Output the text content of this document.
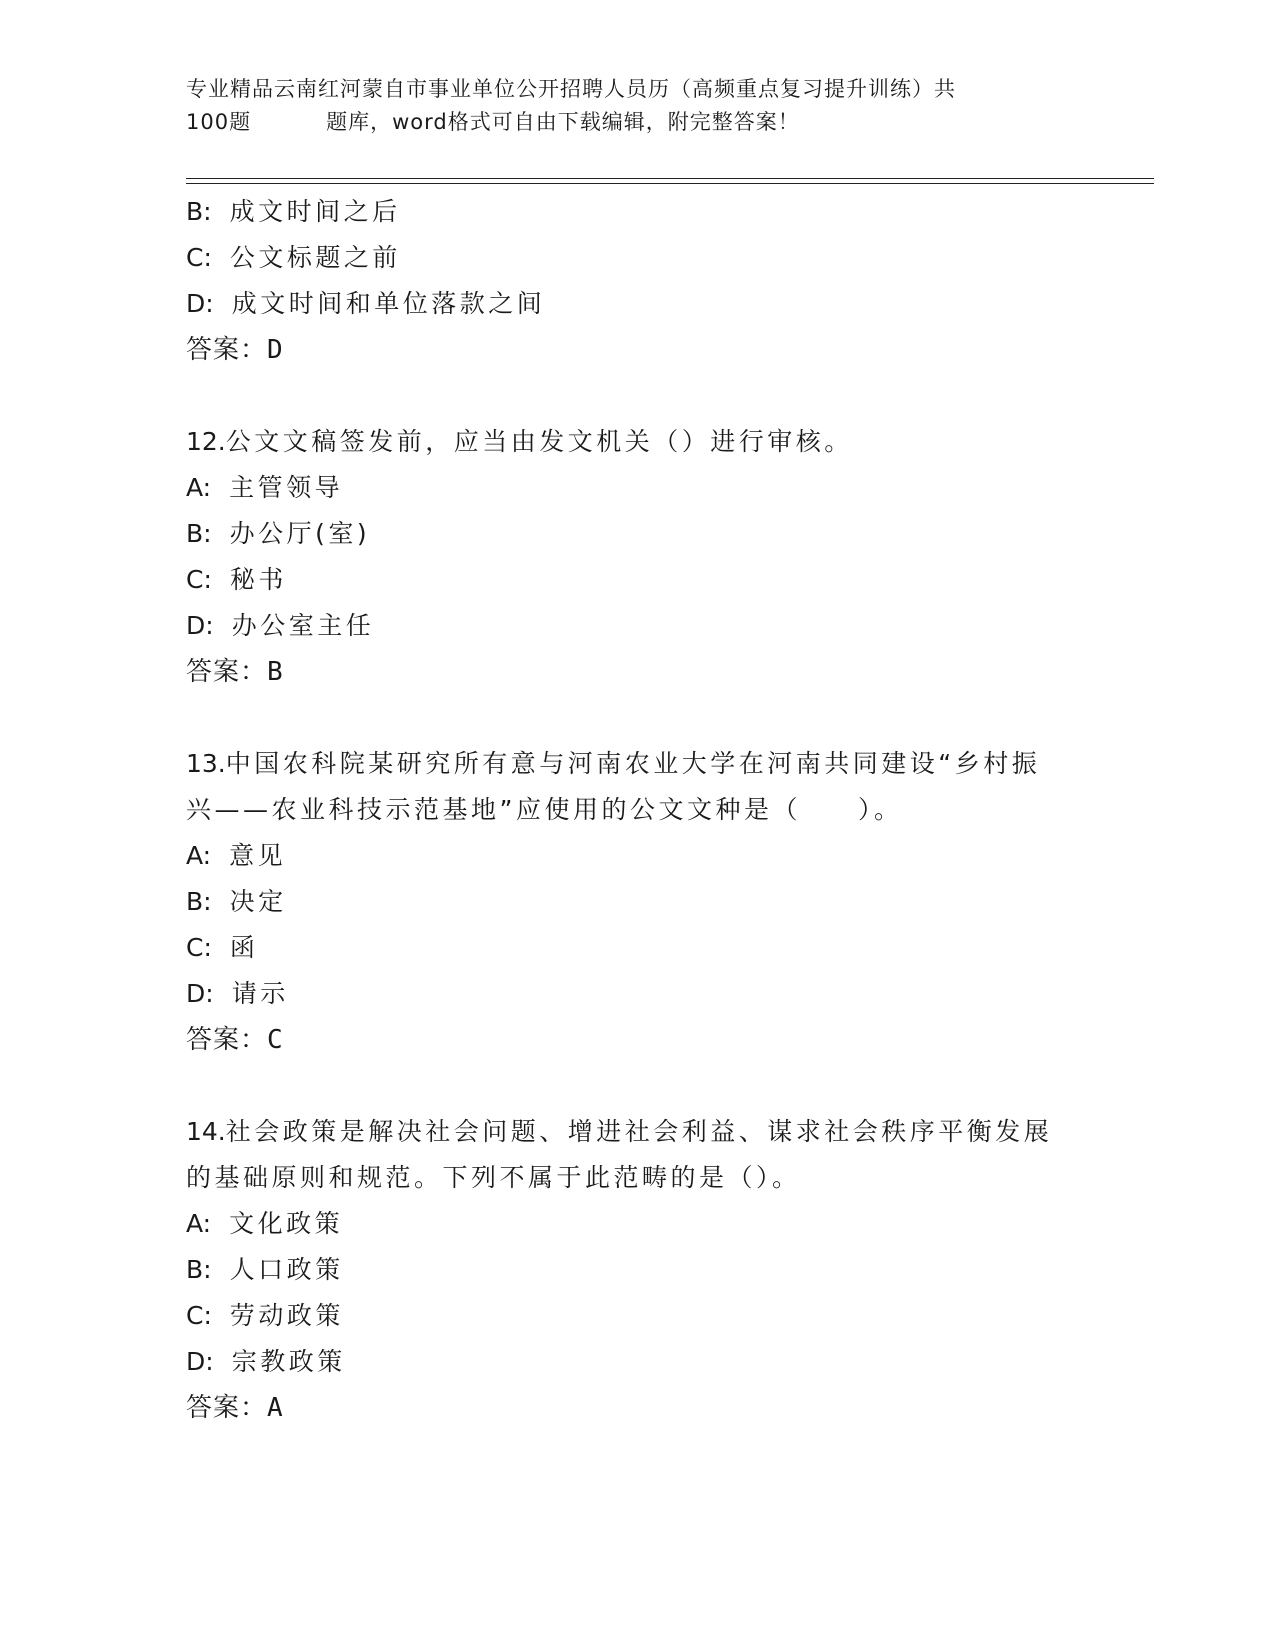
专业精品云南红河蒙自市事业单位公开招聘人员历（高频重点复习提升训练）共
100题	题库，word格式可自由下载编辑，附完整答案！
B: 成文时间之后
C: 公文标题之前
D: 成文时间和单位落款之间
答案：D
12.公文文稿签发前，应当由发文机关（）进行审核。
A: 主管领导
B: 办公厅(室)
C: 秘书
D: 办公室主任
答案：B
13.中国农科院某研究所有意与河南农业大学在河南共同建设“乡村振
兴——农业科技示范基地”应使用的公文文种是（　　）。
A: 意见
B: 决定
C: 函
D: 请示
答案：C
14.社会政策是解决社会问题、增进社会利益、谋求社会秩序平衡发展
的基础原则和规范。下列不属于此范畴的是（）。
A: 文化政策
B: 人口政策
C: 劳动政策
D: 宗教政策
答案：A
